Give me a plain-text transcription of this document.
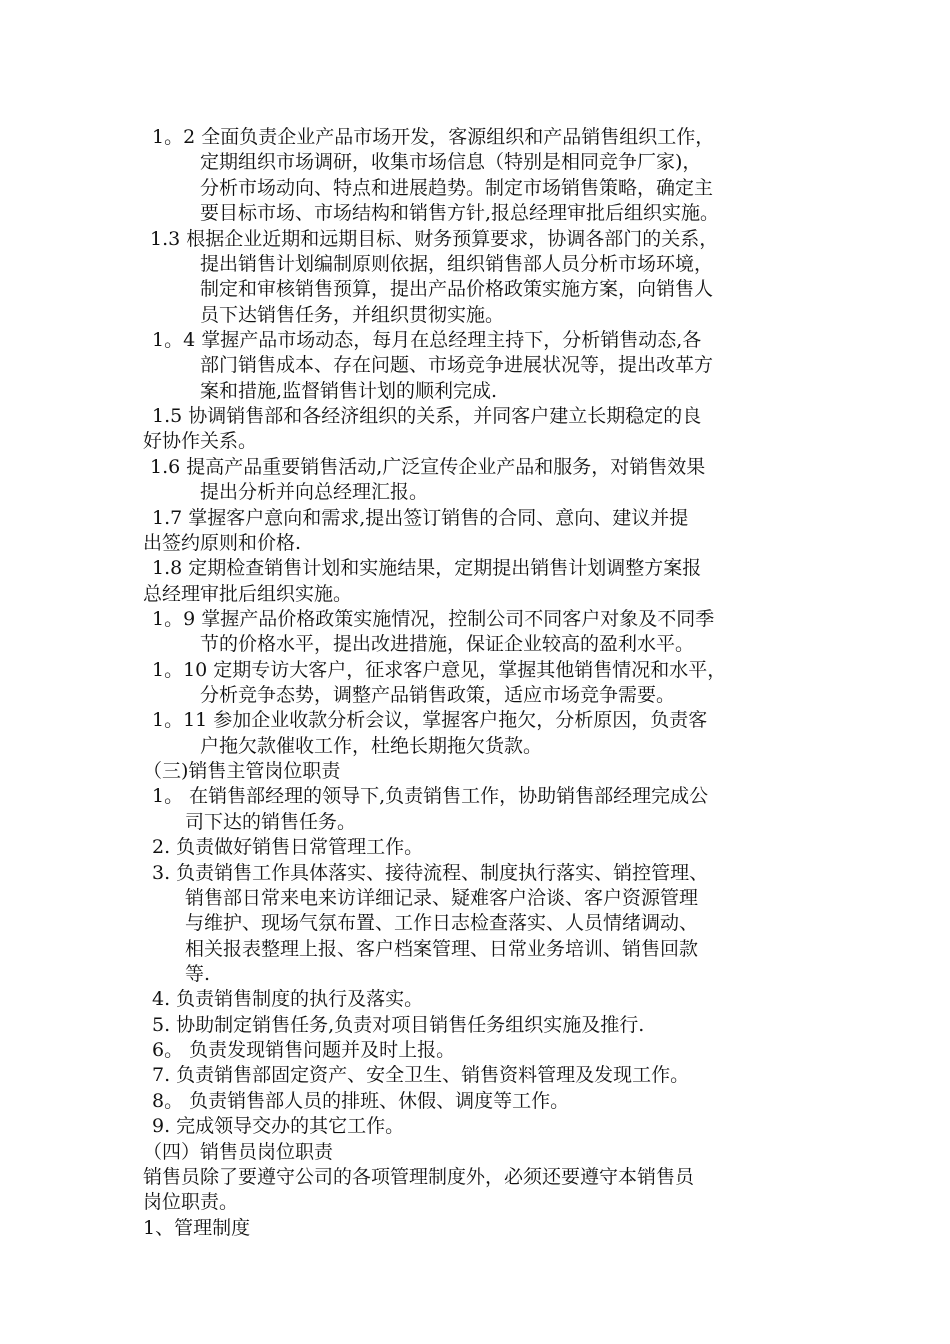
1。2 全面负责企业产品市场开发，客源组织和产品销售组织工作，
定期组织市场调研，收集市场信息（特别是相同竞争厂家)，
分析市场动向、特点和进展趋势。制定市场销售策略，确定主
要目标市场、市场结构和销售方针,报总经理审批后组织实施。
1.3 根据企业近期和远期目标、财务预算要求，协调各部门的关系，
提出销售计划编制原则依据，组织销售部人员分析市场环境，
制定和审核销售预算，提出产品价格政策实施方案，向销售人
员下达销售任务，并组织贯彻实施。
1。4 掌握产品市场动态，每月在总经理主持下，分析销售动态,各
部门销售成本、存在问题、市场竞争进展状况等，提出改革方
案和措施,监督销售计划的顺利完成.
1.5 协调销售部和各经济组织的关系，并同客户建立长期稳定的良
好协作关系。
1.6 提高产品重要销售活动,广泛宣传企业产品和服务，对销售效果
提出分析并向总经理汇报。
1.7 掌握客户意向和需求,提出签订销售的合同、意向、建议并提
出签约原则和价格.
1.8 定期检查销售计划和实施结果，定期提出销售计划调整方案报
总经理审批后组织实施。
1。9 掌握产品价格政策实施情况，控制公司不同客户对象及不同季
节的价格水平，提出改进措施，保证企业较高的盈利水平。
1。10 定期专访大客户，征求客户意见，掌握其他销售情况和水平，
分析竞争态势，调整产品销售政策，适应市场竞争需要。
1。11 参加企业收款分析会议，掌握客户拖欠，分析原因，负责客
户拖欠款催收工作，杜绝长期拖欠货款。
（三)销售主管岗位职责
1。 在销售部经理的领导下,负责销售工作，协助销售部经理完成公
司下达的销售任务。
2. 负责做好销售日常管理工作。
3. 负责销售工作具体落实、接待流程、制度执行落实、销控管理、
销售部日常来电来访详细记录、疑难客户洽谈、客户资源管理
与维护、现场气氛布置、工作日志检查落实、人员情绪调动、
相关报表整理上报、客户档案管理、日常业务培训、销售回款
等.
4. 负责销售制度的执行及落实。
5. 协助制定销售任务,负责对项目销售任务组织实施及推行.
6。 负责发现销售问题并及时上报。
7. 负责销售部固定资产、安全卫生、销售资料管理及发现工作。
8。 负责销售部人员的排班、休假、调度等工作。
9. 完成领导交办的其它工作。
（四）销售员岗位职责
销售员除了要遵守公司的各项管理制度外，必须还要遵守本销售员
岗位职责。
1、管理制度
